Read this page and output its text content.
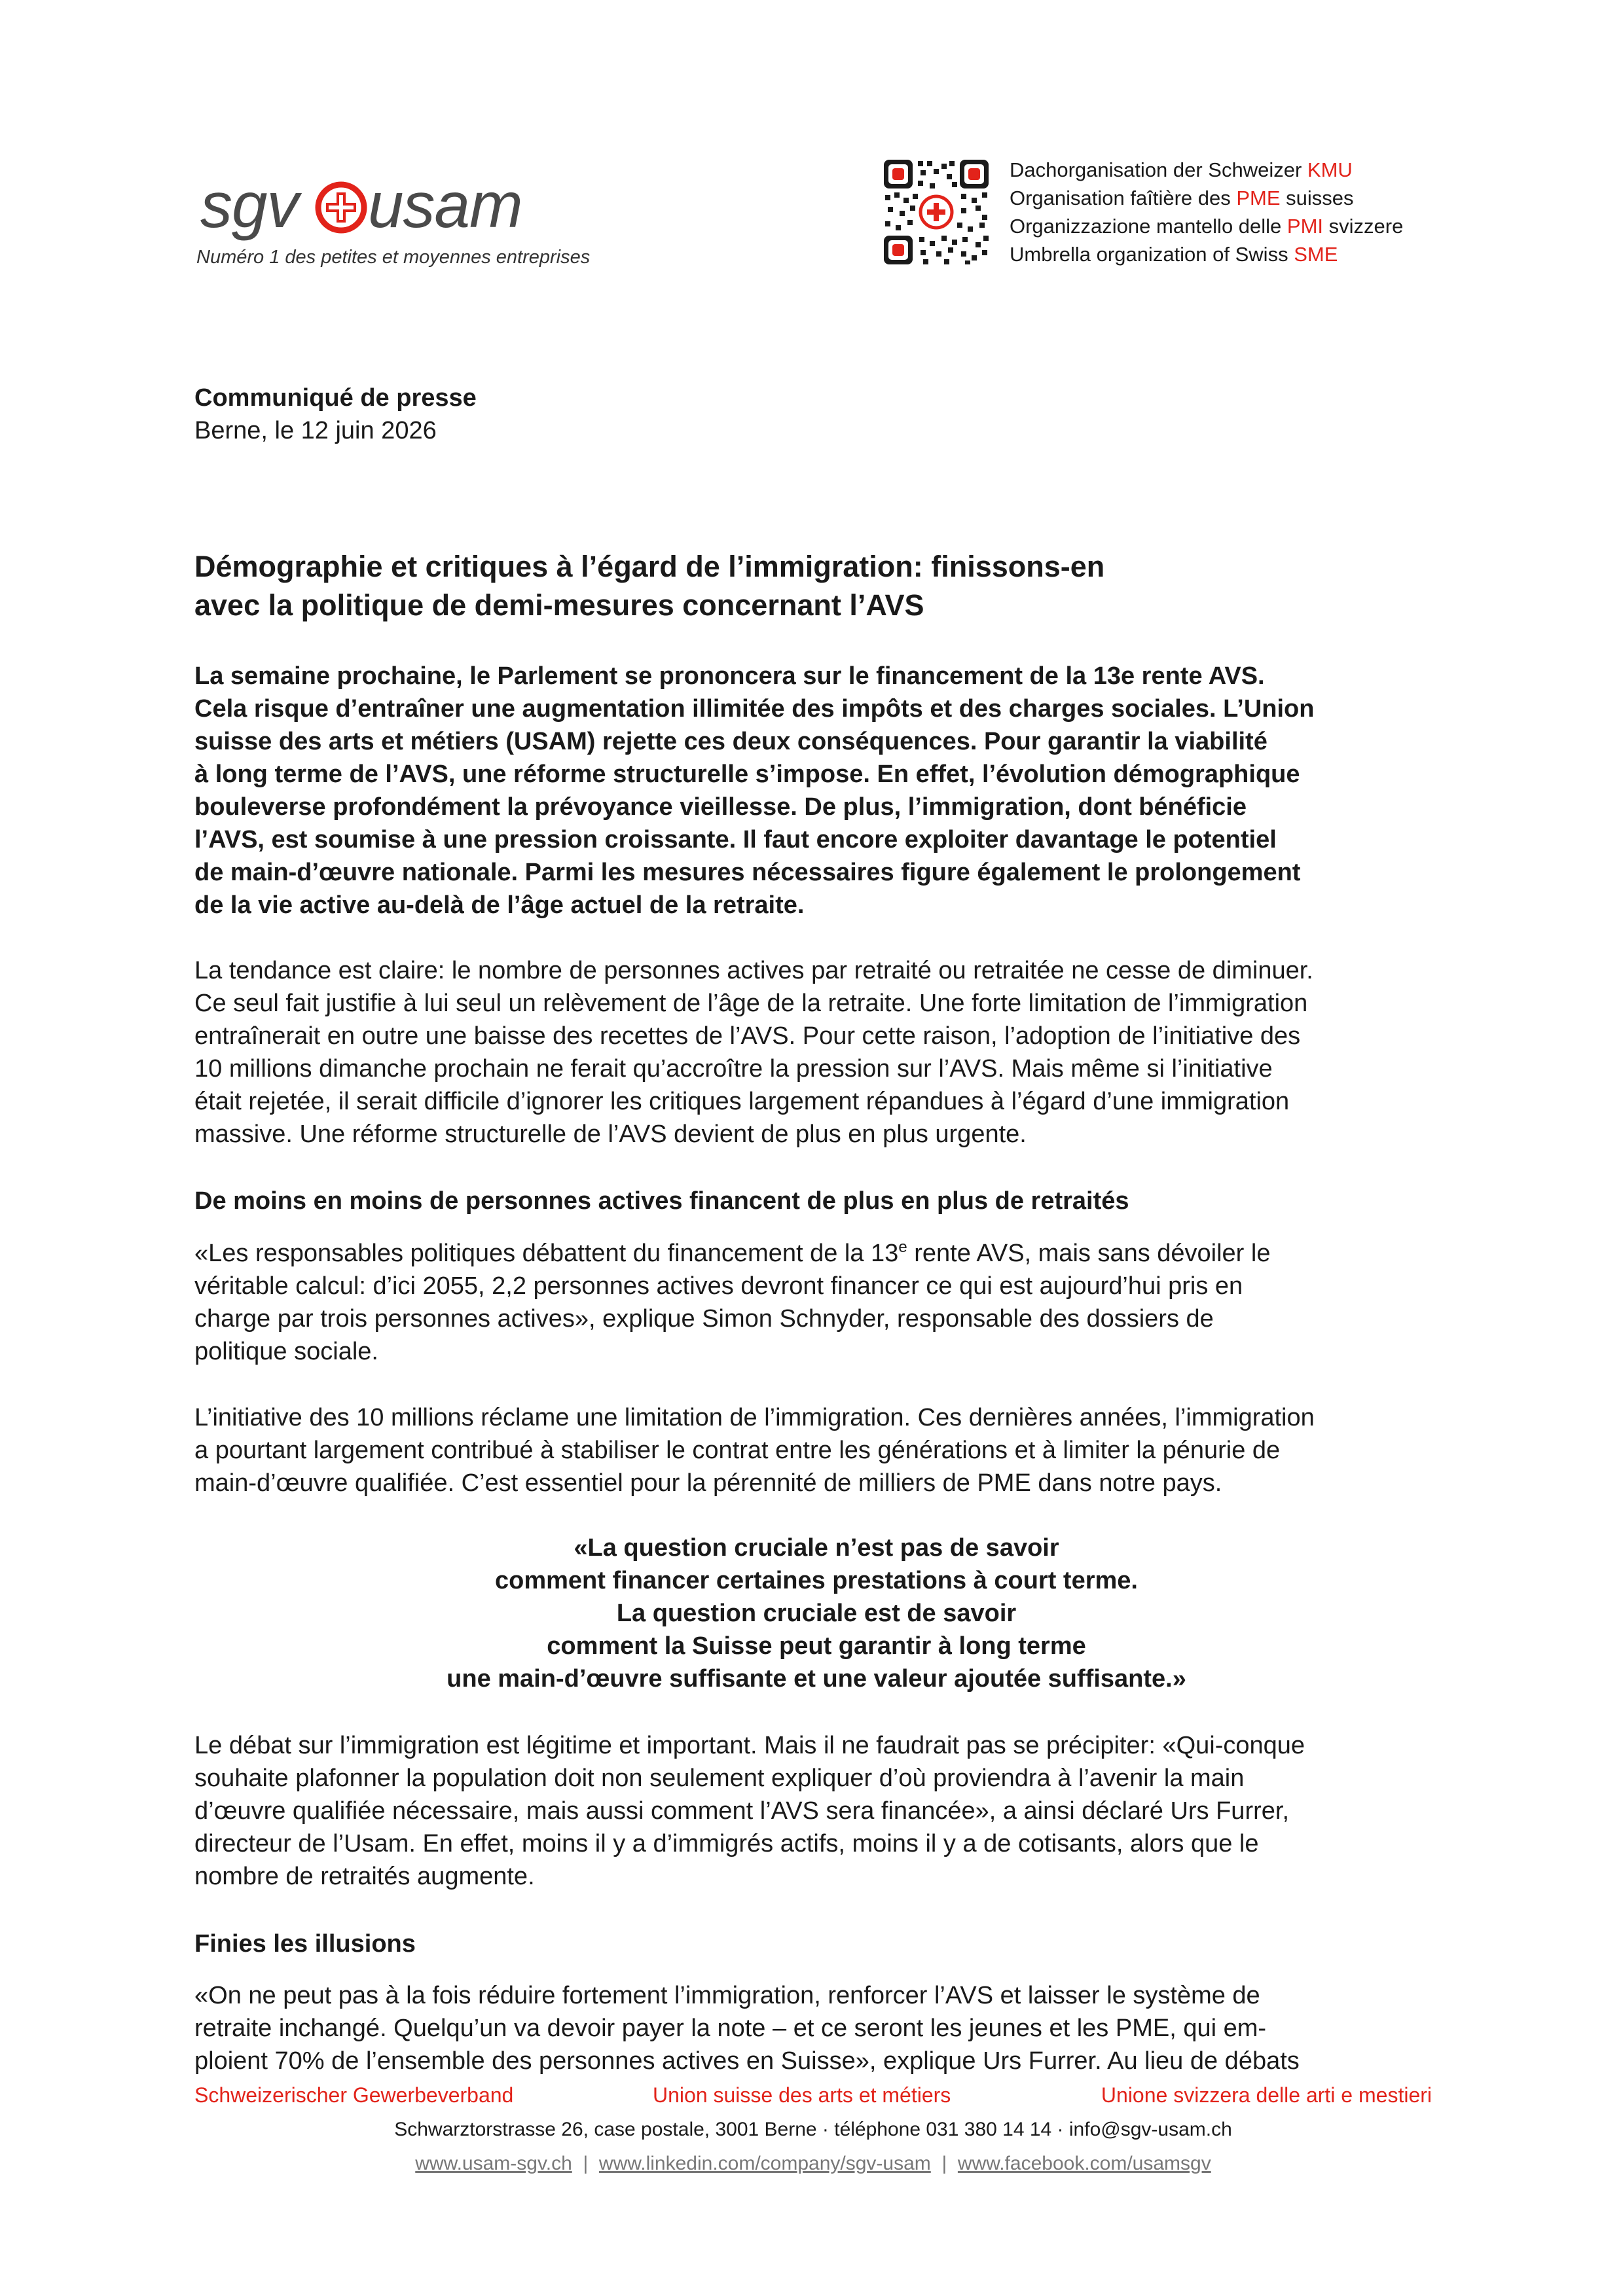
sgv usam
Numéro 1 des petites et moyennes entreprises
Dachorganisation der Schweizer KMU
Organisation faîtière des PME suisses
Organizzazione mantello delle PMI svizzere
Umbrella organization of Swiss SME
Communiqué de presse
Berne, le 12 juin 2026
Démographie et critiques à l’égard de l’immigration: finissons-en
avec la politique de demi-mesures concernant l’AVS
La semaine prochaine, le Parlement se prononcera sur le financement de la 13e rente AVS.
Cela risque d’entraîner une augmentation illimitée des impôts et des charges sociales. L’Union
suisse des arts et métiers (USAM) rejette ces deux conséquences. Pour garantir la viabilité
à long terme de l’AVS, une réforme structurelle s’impose. En effet, l’évolution démographique
bouleverse profondément la prévoyance vieillesse. De plus, l’immigration, dont bénéficie
l’AVS, est soumise à une pression croissante. Il faut encore exploiter davantage le potentiel
de main-d’œuvre nationale. Parmi les mesures nécessaires figure également le prolongement
de la vie active au-delà de l’âge actuel de la retraite.
La tendance est claire: le nombre de personnes actives par retraité ou retraitée ne cesse de diminuer.
Ce seul fait justifie à lui seul un relèvement de l’âge de la retraite. Une forte limitation de l’immigration
entraînerait en outre une baisse des recettes de l’AVS. Pour cette raison, l’adoption de l’initiative des
10 millions dimanche prochain ne ferait qu’accroître la pression sur l’AVS. Mais même si l’initiative
était rejetée, il serait difficile d’ignorer les critiques largement répandues à l’égard d’une immigration
massive. Une réforme structurelle de l’AVS devient de plus en plus urgente.
De moins en moins de personnes actives financent de plus en plus de retraités
«Les responsables politiques débattent du financement de la 13e rente AVS, mais sans dévoiler le
véritable calcul: d’ici 2055, 2,2 personnes actives devront financer ce qui est aujourd’hui pris en
charge par trois personnes actives», explique Simon Schnyder, responsable des dossiers de
politique sociale.
L’initiative des 10 millions réclame une limitation de l’immigration. Ces dernières années, l’immigration
a pourtant largement contribué à stabiliser le contrat entre les générations et à limiter la pénurie de
main-d’œuvre qualifiée. C’est essentiel pour la pérennité de milliers de PME dans notre pays.
«La question cruciale n’est pas de savoir
comment financer certaines prestations à court terme.
La question cruciale est de savoir
comment la Suisse peut garantir à long terme
une main-d’œuvre suffisante et une valeur ajoutée suffisante.»
Le débat sur l’immigration est légitime et important. Mais il ne faudrait pas se précipiter: «Qui-conque
souhaite plafonner la population doit non seulement expliquer d’où proviendra à l’avenir la main
d’œuvre qualifiée nécessaire, mais aussi comment l’AVS sera financée», a ainsi déclaré Urs Furrer,
directeur de l’Usam. En effet, moins il y a d’immigrés actifs, moins il y a de cotisants, alors que le
nombre de retraités augmente.
Finies les illusions
«On ne peut pas à la fois réduire fortement l’immigration, renforcer l’AVS et laisser le système de
retraite inchangé. Quelqu’un va devoir payer la note – et ce seront les jeunes et les PME, qui em-
ploient 70% de l’ensemble des personnes actives en Suisse», explique Urs Furrer. Au lieu de débats
Schweizerischer Gewerbeverband	Union suisse des arts et métiers	Unione svizzera delle arti e mestieri
Schwarztorstrasse 26, case postale, 3001 Berne · téléphone 031 380 14 14 · info@sgv-usam.ch
www.usam-sgv.ch | www.linkedin.com/company/sgv-usam | www.facebook.com/usamsgv
